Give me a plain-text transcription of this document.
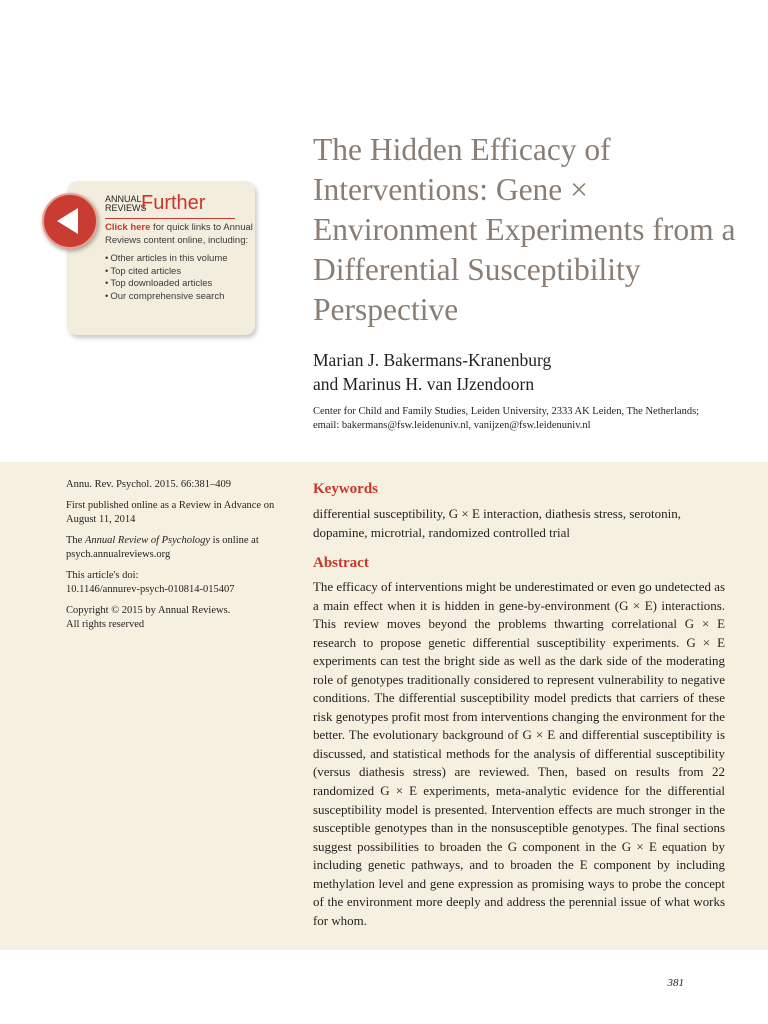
ANNUAL REVIEWS
Further
Click here for quick links to Annual Reviews content online, including:
• Other articles in this volume
• Top cited articles
• Top downloaded articles
• Our comprehensive search
The Hidden Efficacy of Interventions: Gene × Environment Experiments from a Differential Susceptibility Perspective
Marian J. Bakermans-Kranenburg
and Marinus H. van IJzendoorn
Center for Child and Family Studies, Leiden University, 2333 AK Leiden, The Netherlands;
email: bakermans@fsw.leidenuniv.nl, vanijzen@fsw.leidenuniv.nl

Annu. Rev. Psychol. 2015. 66:381–409

First published online as a Review in Advance on August 11, 2014

The Annual Review of Psychology is online at psych.annualreviews.org

This article's doi:
10.1146/annurev-psych-010814-015407

Copyright © 2015 by Annual Reviews.
All rights reserved

Keywords
differential susceptibility, G × E interaction, diathesis stress, serotonin, dopamine, microtrial, randomized controlled trial
Abstract

The efficacy of interventions might be underestimated or even go undetected as a main effect when it is hidden in gene-by-environment (G × E) interactions. This review moves beyond the problems thwarting correlational G × E research to propose genetic differential susceptibility experiments. G × E experiments can test the bright side as well as the dark side of the moderating role of genotypes traditionally considered to represent vulnerability to negative conditions. The differential susceptibility model predicts that carriers of these risk genotypes profit most from interventions changing the environment for the better. The evolutionary background of G × E and differential susceptibility is discussed, and statistical methods for the analysis of differential susceptibility (versus diathesis stress) are reviewed. Then, based on results from 22 randomized G × E experiments, meta-analytic evidence for the differential susceptibility model is presented. Intervention effects are much stronger in the susceptible genotypes than in the nonsusceptible genotypes. The final sections suggest possibilities to broaden the G component in the G × E equation by including genetic pathways, and to broaden the E component by including methylation level and gene expression as promising ways to probe the concept of the environment more deeply and address the perennial issue of what works for whom.

381
